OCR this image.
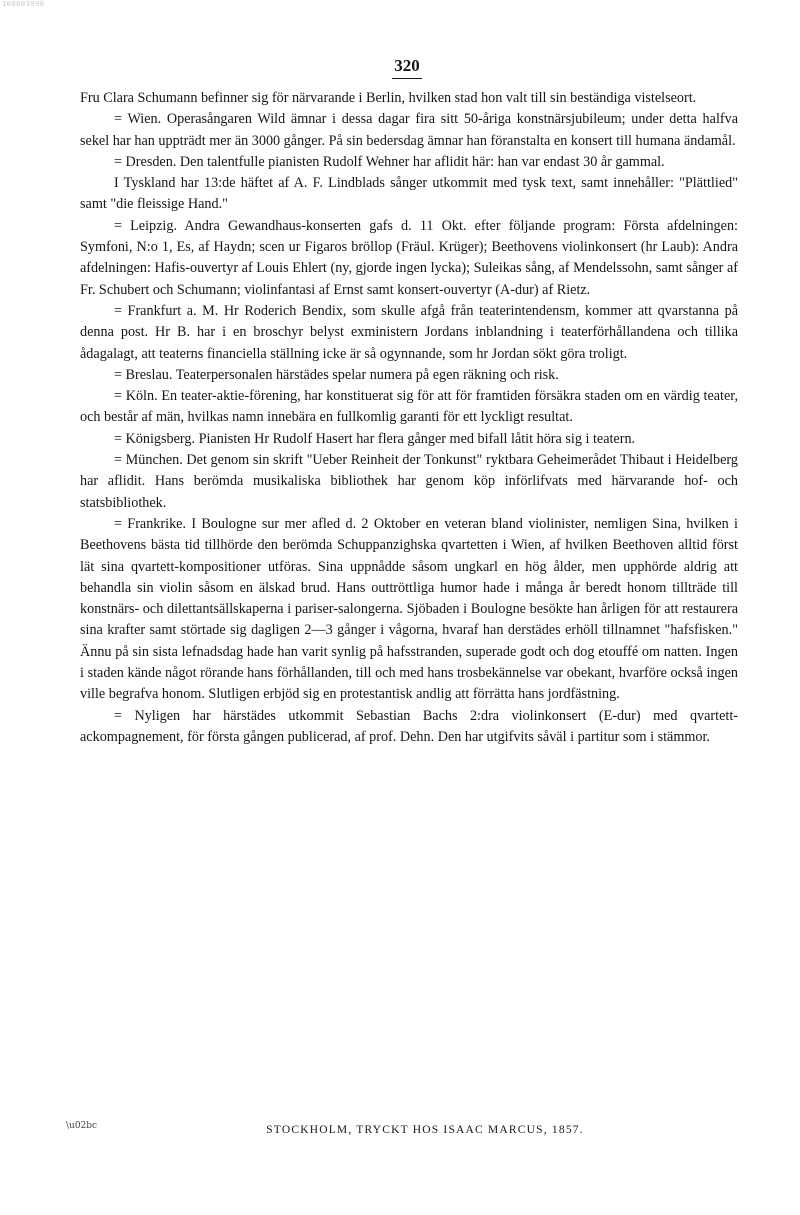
100003990
320

Fru Clara Schumann befinner sig för närvarande i Berlin, hvilken stad hon valt till sin beständiga vistelseort.

= Wien. Operasångaren Wild ämnar i dessa dagar fira sitt 50-åriga konstnärsjubileum; under detta halfva sekel har han uppträdt mer än 3000 gånger. På sin bedersdag ämnar han föranstalta en konsert till humana ändamål.

= Dresden. Den talentfulle pianisten Rudolf Wehner har aflidit här: han var endast 30 år gammal.

I Tyskland har 13:de häftet af A. F. Lindblads sånger utkommit med tysk text, samt innehåller: "Plättlied" samt "die fleissige Hand."

= Leipzig. Andra Gewandhaus-konserten gafs d. 11 Okt. efter följande program: Första afdelningen: Symfoni, N:o 1, Es, af Haydn; scen ur Figaros bröllop (Fräul. Krüger); Beethovens violinkonsert (hr Laub): Andra afdelningen: Hafis-ouvertyr af Louis Ehlert (ny, gjorde ingen lycka); Suleikas sång, af Mendelssohn, samt sånger af Fr. Schubert och Schumann; violinfantasi af Ernst samt konsert-ouvertyr (A-dur) af Rietz.

= Frankfurt a. M. Hr Roderich Bendix, som skulle afgå från teaterintendensm, kommer att qvarstanna på denna post. Hr B. har i en broschyr belyst exministern Jordans inblandning i teaterförhållandena och tillika ådagalagt, att teaterns financiella ställning icke är så ogynnande, som hr Jordan sökt göra troligt.

= Breslau. Teaterpersonalen härstädes spelar numera på egen räkning och risk.

= Köln. En teater-aktie-förening, har konstituerat sig för att för framtiden försäkra staden om en värdig teater, och består af män, hvilkas namn innebära en fullkomlig garanti för ett lyckligt resultat.

= Königsberg. Pianisten Hr Rudolf Hasert har flera gånger med bifall låtit höra sig i teatern.

= München. Det genom sin skrift "Ueber Reinheit der Tonkunst" ryktbara Geheimerådet Thibaut i Heidelberg har aflidit. Hans berömda musikaliska bibliothek har genom köp införlifvats med härvarande hof- och statsbibliothek.

= Frankrike. I Boulogne sur mer afled d. 2 Oktober en veteran bland violinister, nemligen Sina, hvilken i Beethovens bästa tid tillhörde den berömda Schuppanzighska qvartetten i Wien, af hvilken Beethoven alltid först lät sina qvartett-kompositioner utföras. Sina uppnådde såsom ungkarl en hög ålder, men upphörde aldrig att behandla sin violin såsom en älskad brud. Hans outtröttliga humor hade i många år beredt honom tillträde till konstnärs- och dilettantsällskaperna i pariser-salongerna. Sjöbaden i Boulogne besökte han årligen för att restaurera sina krafter samt störtade sig dagligen 2—3 gånger i vågorna, hvaraf han derstädes erhöll tillnamnet "hafsfisken." Ännu på sin sista lefnadsdag hade han varit synlig på hafsstranden, superade godt och dog etouffé om natten. Ingen i staden kände något rörande hans förhållanden, till och med hans trosbekännelse var obekant, hvarföre också ingen ville begrafva honom. Slutligen erbjöd sig en protestantisk andlig att förrätta hans jordfästning.

= Nyligen har härstädes utkommit Sebastian Bachs 2:dra violinkonsert (E-dur) med qvartett-ackompagnement, för första gången publicerad, af prof. Dehn. Den har utgifvits såväl i partitur som i stämmor.

\u02bc	STOCKHOLM, TRYCKT HOS ISAAC MARCUS, 1857.
